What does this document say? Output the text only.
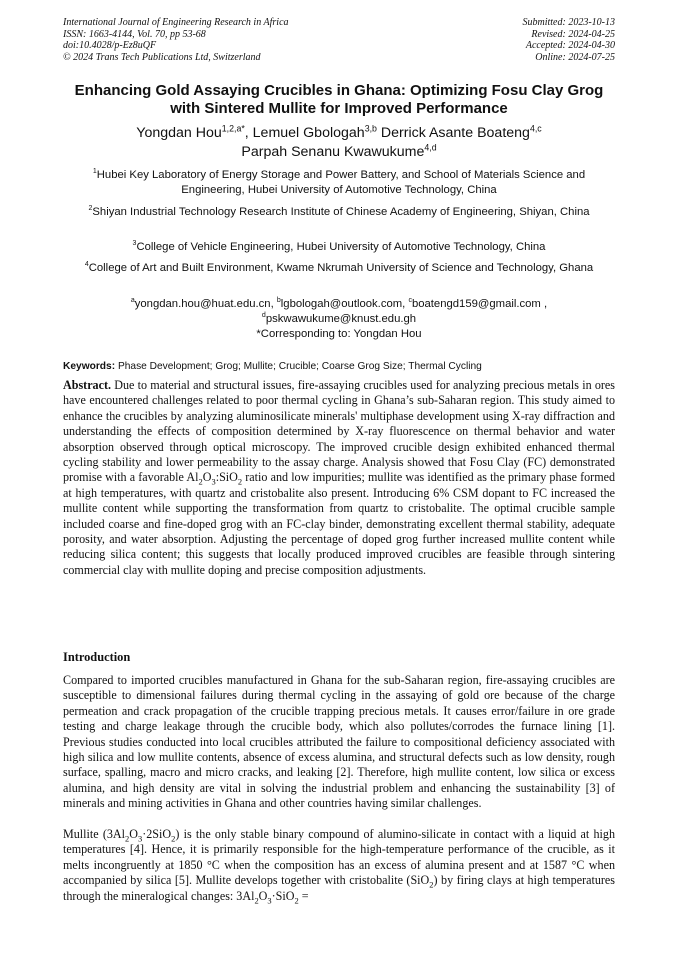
International Journal of Engineering Research in Africa
ISSN: 1663-4144, Vol. 70, pp 53-68
doi:10.4028/p-Ez8uQF
© 2024 Trans Tech Publications Ltd, Switzerland
Submitted: 2023-10-13
Revised: 2024-04-25
Accepted: 2024-04-30
Online: 2024-07-25
Enhancing Gold Assaying Crucibles in Ghana: Optimizing Fosu Clay Grog with Sintered Mullite for Improved Performance
Yongdan Hou$^{1,2,a*}$, Lemuel Gbologah$^{3,b}$ Derrick Asante Boateng$^{4,c}$
Parpah Senanu Kwawukume$^{4,d}$
$^1$Hubei Key Laboratory of Energy Storage and Power Battery, and School of Materials Science and Engineering, Hubei University of Automotive Technology, China
$^2$Shiyan Industrial Technology Research Institute of Chinese Academy of Engineering, Shiyan, China
$^3$College of Vehicle Engineering, Hubei University of Automotive Technology, China
$^4$College of Art and Built Environment, Kwame Nkrumah University of Science and Technology, Ghana
$^a$yongdan.hou@huat.edu.cn, $^b$lgbologah@outlook.com, $^c$boatengd159@gmail.com ,
$^d$pskwawukume@knust.edu.gh
*Corresponding to: Yongdan Hou
Keywords: Phase Development; Grog; Mullite; Crucible; Coarse Grog Size; Thermal Cycling
Abstract. Due to material and structural issues, fire-assaying crucibles used for analyzing precious metals in ores have encountered challenges related to poor thermal cycling in Ghana’s sub-Saharan region. This study aimed to enhance the crucibles by analyzing aluminosilicate minerals' multiphase development using X-ray diffraction and understanding the effects of composition determined by X-ray fluorescence on thermal behavior and water absorption observed through optical microscopy. The improved crucible design exhibited enhanced thermal cycling stability and lower permeability to the assay charge. Analysis showed that Fosu Clay (FC) demonstrated promise with a favorable $Al_2O_3:SiO_2$ ratio and low impurities; mullite was identified as the primary phase formed at high temperatures, with quartz and cristobalite also present. Introducing 6% CSM dopant to FC increased the mullite content while supporting the transformation from quartz to cristobalite. The optimal crucible sample included coarse and fine-doped grog with an FC-clay binder, demonstrating excellent thermal stability, adequate porosity, and water absorption. Adjusting the percentage of doped grog further increased mullite content while reducing silica content; this suggests that locally produced improved crucibles are feasible through sintering commercial clay with mullite doping and precise composition adjustments.
Introduction
Compared to imported crucibles manufactured in Ghana for the sub-Saharan region, fire-assaying crucibles are susceptible to dimensional failures during thermal cycling in the assaying of gold ore because of the charge permeation and crack propagation of the crucible trapping precious metals. It causes error/failure in ore grade testing and charge leakage through the crucible body, which also pollutes/corrodes the furnace lining [1]. Previous studies conducted into local crucibles attributed the failure to compositional deficiency associated with high silica and low mullite contents, absence of excess alumina, and structural defects such as low density, rough surface, spalling, macro and micro cracks, and leaking [2]. Therefore, high mullite content, low silica or excess alumina, and high density are vital in solving the industrial problem and enhancing the sustainability [3] of minerals and mining activities in Ghana and other countries having similar challenges.
Mullite $(3Al_2O_3\cdot 2SiO_2)$ is the only stable binary compound of alumino-silicate in contact with a liquid at high temperatures [4]. Hence, it is primarily responsible for the high-temperature performance of the crucible, as it melts incongruently at 1850 °C when the composition has an excess of alumina present and at 1587 °C when accompanied by silica [5]. Mullite develops together with cristobalite (SiO$_2$) by firing clays at high temperatures through the mineralogical changes: $3Al_2O_3\cdot SiO_2$ =
